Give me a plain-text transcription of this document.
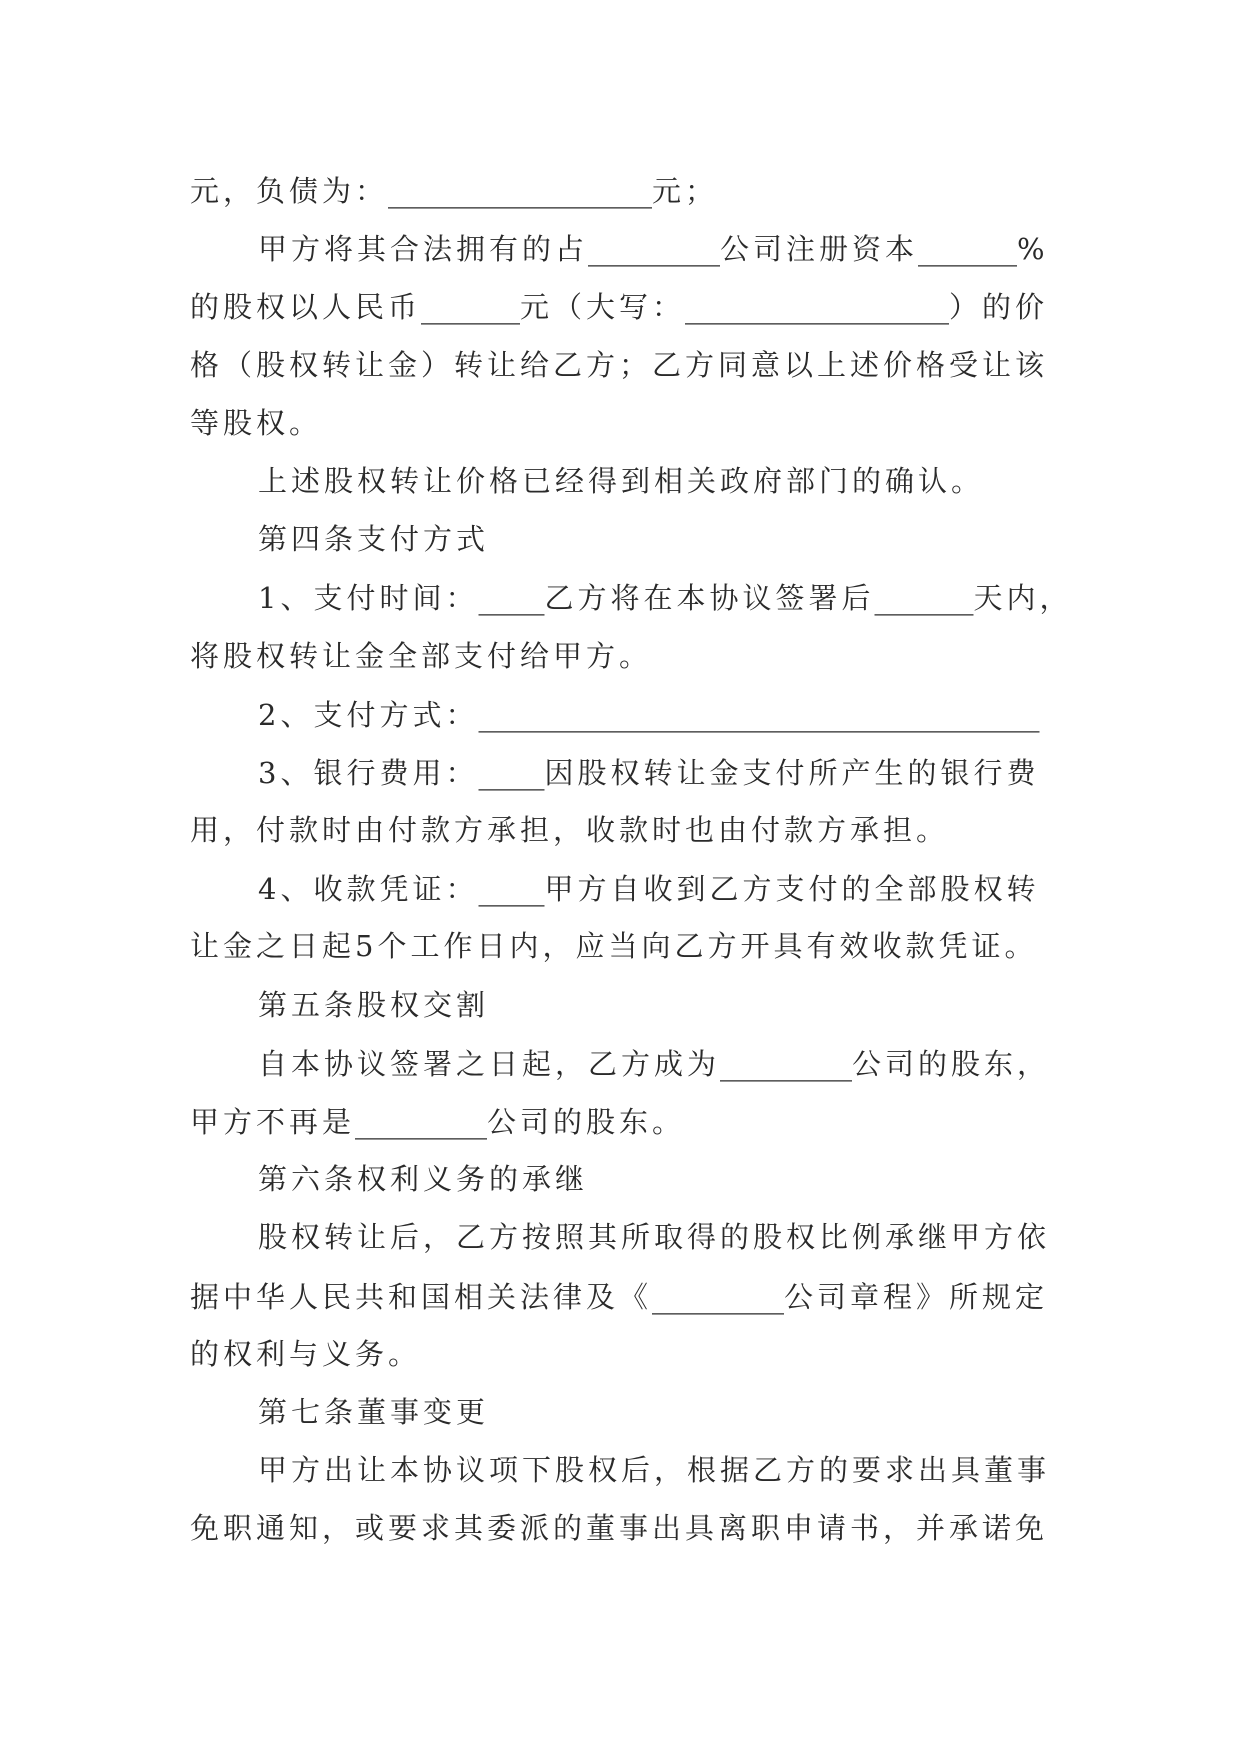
元，负债为：________________元；
甲方将其合法拥有的占________公司注册资本______%
的股权以人民币______元（大写：________________）的价
格（股权转让金）转让给乙方；乙方同意以上述价格受让该
等股权。
上述股权转让价格已经得到相关政府部门的确认。
第四条支付方式
1、支付时间：____乙方将在本协议签署后______天内，
将股权转让金全部支付给甲方。
2、支付方式：__________________________________
3、银行费用：____因股权转让金支付所产生的银行费
用，付款时由付款方承担，收款时也由付款方承担。
4、收款凭证：____甲方自收到乙方支付的全部股权转
让金之日起5个工作日内，应当向乙方开具有效收款凭证。
第五条股权交割
自本协议签署之日起，乙方成为________公司的股东，
甲方不再是________公司的股东。
第六条权利义务的承继
股权转让后，乙方按照其所取得的股权比例承继甲方依
据中华人民共和国相关法律及《________公司章程》所规定
的权利与义务。
第七条董事变更
甲方出让本协议项下股权后，根据乙方的要求出具董事
免职通知，或要求其委派的董事出具离职申请书，并承诺免
